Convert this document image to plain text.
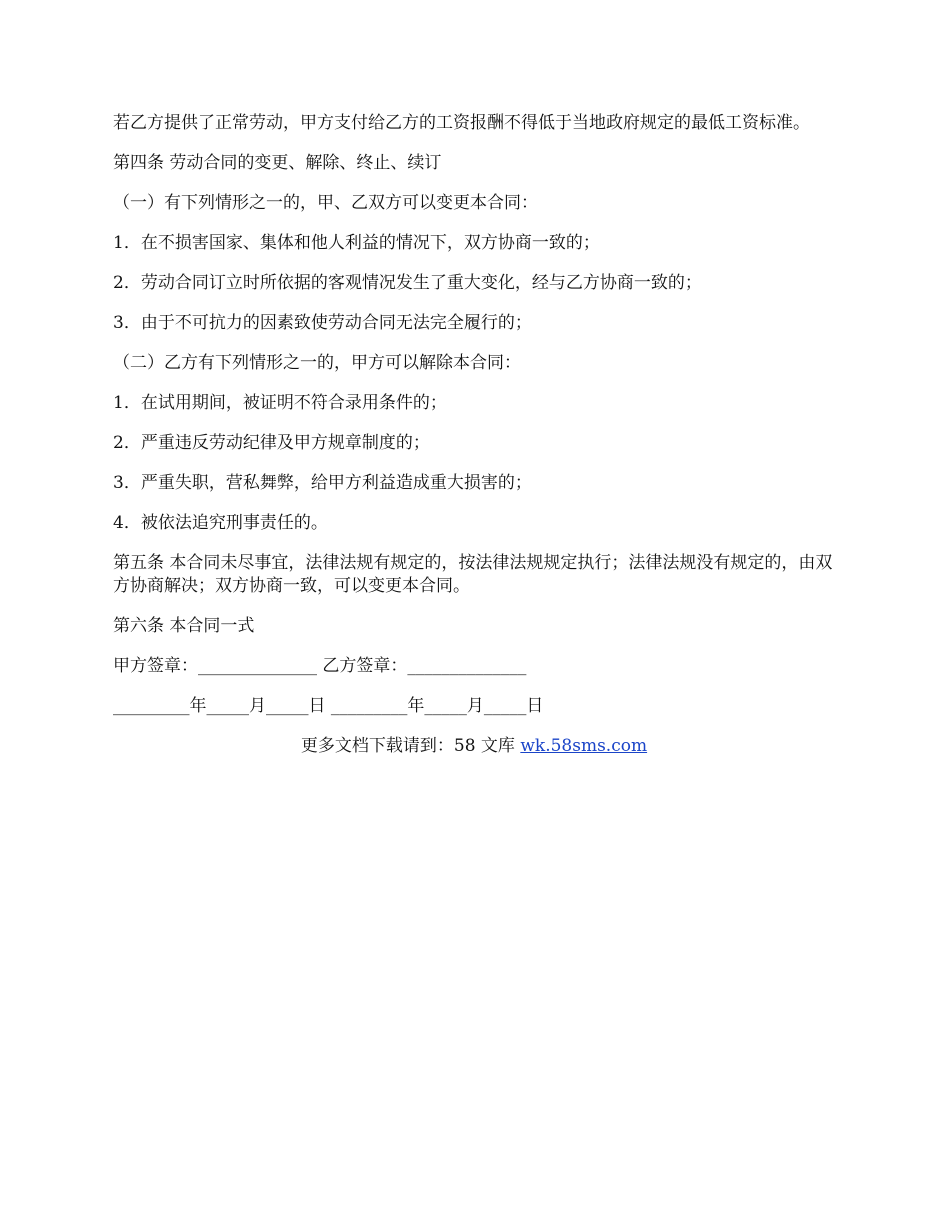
若乙方提供了正常劳动，甲方支付给乙方的工资报酬不得低于当地政府规定的最低工资标准。

第四条 劳动合同的变更、解除、终止、续订

（一）有下列情形之一的，甲、乙双方可以变更本合同：

1．在不损害国家、集体和他人利益的情况下，双方协商一致的；

2．劳动合同订立时所依据的客观情况发生了重大变化，经与乙方协商一致的；

3．由于不可抗力的因素致使劳动合同无法完全履行的；

（二）乙方有下列情形之一的，甲方可以解除本合同：

1．在试用期间，被证明不符合录用条件的；

2．严重违反劳动纪律及甲方规章制度的；

3．严重失职，营私舞弊，给甲方利益造成重大损害的；

4．被依法追究刑事责任的。

第五条 本合同未尽事宜，法律法规有规定的，按法律法规规定执行；法律法规没有规定的，由双方协商解决；双方协商一致，可以变更本合同。

第六条 本合同一式

甲方签章：______________ 乙方签章：______________

_________年_____月_____日 _________年_____月_____日

更多文档下载请到：58 文库 wk.58sms.com
